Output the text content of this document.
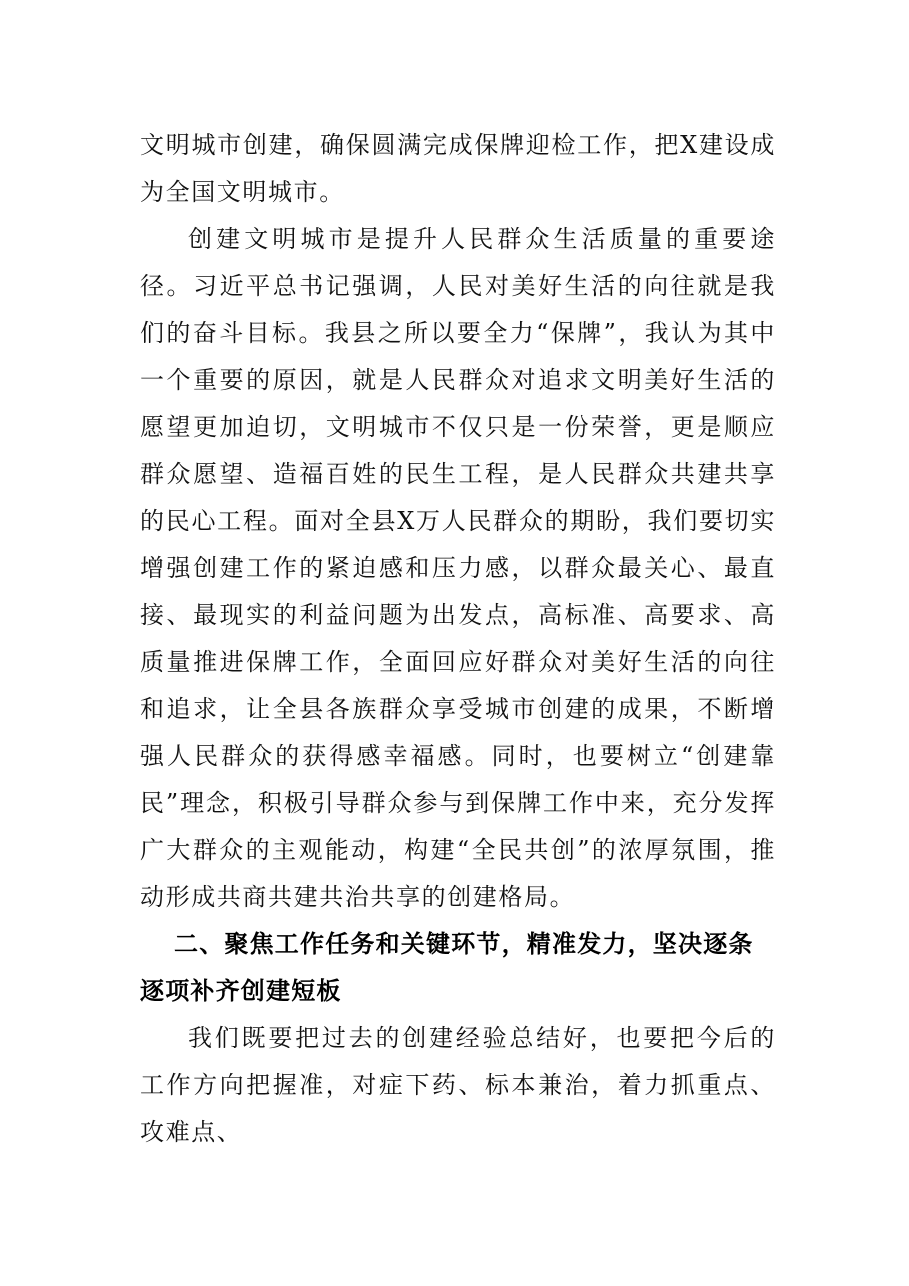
文明城市创建，确保圆满完成保牌迎检工作，把X建设成为全国文明城市。

创建文明城市是提升人民群众生活质量的重要途径。习近平总书记强调，人民对美好生活的向往就是我们的奋斗目标。我县之所以要全力“保牌”，我认为其中一个重要的原因，就是人民群众对追求文明美好生活的愿望更加迫切，文明城市不仅只是一份荣誉，更是顺应群众愿望、造福百姓的民生工程，是人民群众共建共享的民心工程。面对全县X万人民群众的期盼，我们要切实增强创建工作的紧迫感和压力感，以群众最关心、最直接、最现实的利益问题为出发点，高标准、高要求、高质量推进保牌工作，全面回应好群众对美好生活的向往和追求，让全县各族群众享受城市创建的成果，不断增强人民群众的获得感幸福感。同时，也要树立“创建靠民”理念，积极引导群众参与到保牌工作中来，充分发挥广大群众的主观能动，构建“全民共创”的浓厚氛围，推动形成共商共建共治共享的创建格局。

二、聚焦工作任务和关键环节，精准发力，坚决逐条逐项补齐创建短板

我们既要把过去的创建经验总结好，也要把今后的工作方向把握准，对症下药、标本兼治，着力抓重点、攻难点、
